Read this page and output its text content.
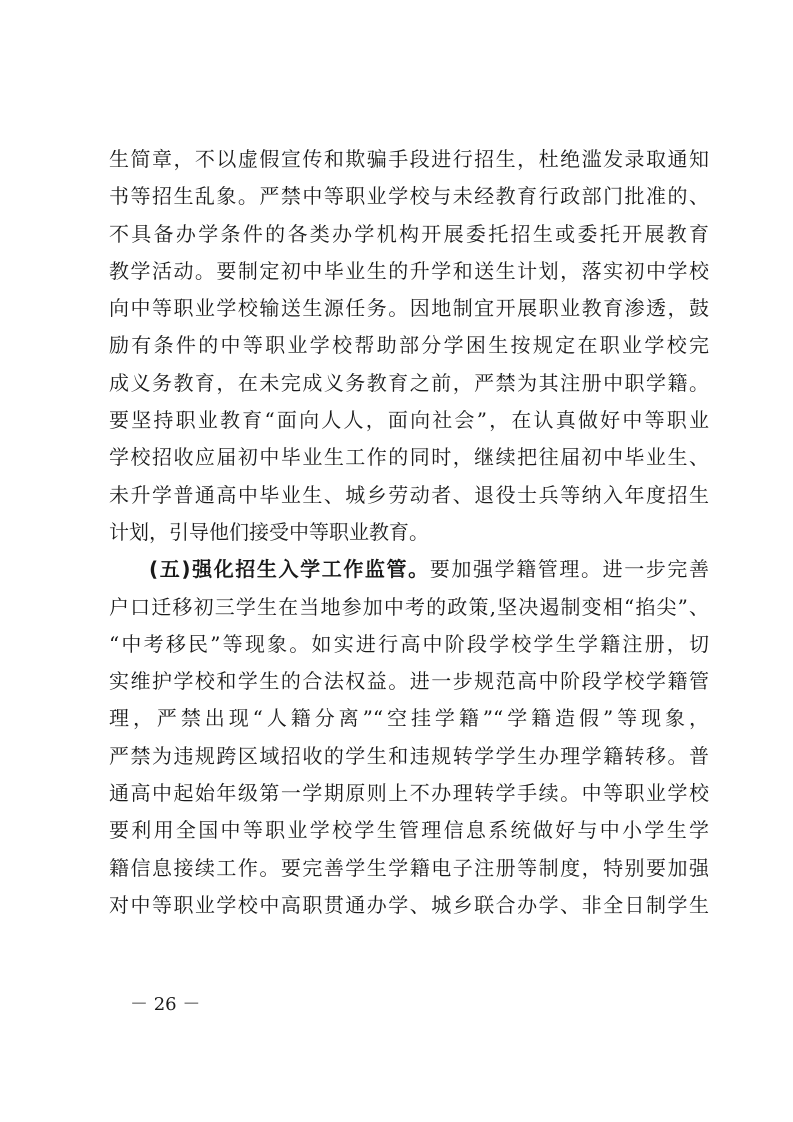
生简章，不以虚假宣传和欺骗手段进行招生，杜绝滥发录取通知
书等招生乱象。严禁中等职业学校与未经教育行政部门批准的、
不具备办学条件的各类办学机构开展委托招生或委托开展教育
教学活动。要制定初中毕业生的升学和送生计划，落实初中学校
向中等职业学校输送生源任务。因地制宜开展职业教育渗透，鼓
励有条件的中等职业学校帮助部分学困生按规定在职业学校完
成义务教育，在未完成义务教育之前，严禁为其注册中职学籍。
要坚持职业教育“面向人人，面向社会”，在认真做好中等职业
学校招收应届初中毕业生工作的同时，继续把往届初中毕业生、
未升学普通高中毕业生、城乡劳动者、退役士兵等纳入年度招生
计划，引导他们接受中等职业教育。
(五)强化招生入学工作监管。要加强学籍管理。进一步完善
户口迁移初三学生在当地参加中考的政策,坚决遏制变相“掐尖”、
“中考移民”等现象。如实进行高中阶段学校学生学籍注册，切
实维护学校和学生的合法权益。进一步规范高中阶段学校学籍管
理，严禁出现“人籍分离”“空挂学籍”“学籍造假”等现象，
严禁为违规跨区域招收的学生和违规转学学生办理学籍转移。普
通高中起始年级第一学期原则上不办理转学手续。中等职业学校
要利用全国中等职业学校学生管理信息系统做好与中小学生学
籍信息接续工作。要完善学生学籍电子注册等制度，特别要加强
对中等职业学校中高职贯通办学、城乡联合办学、非全日制学生
－ 26 －
